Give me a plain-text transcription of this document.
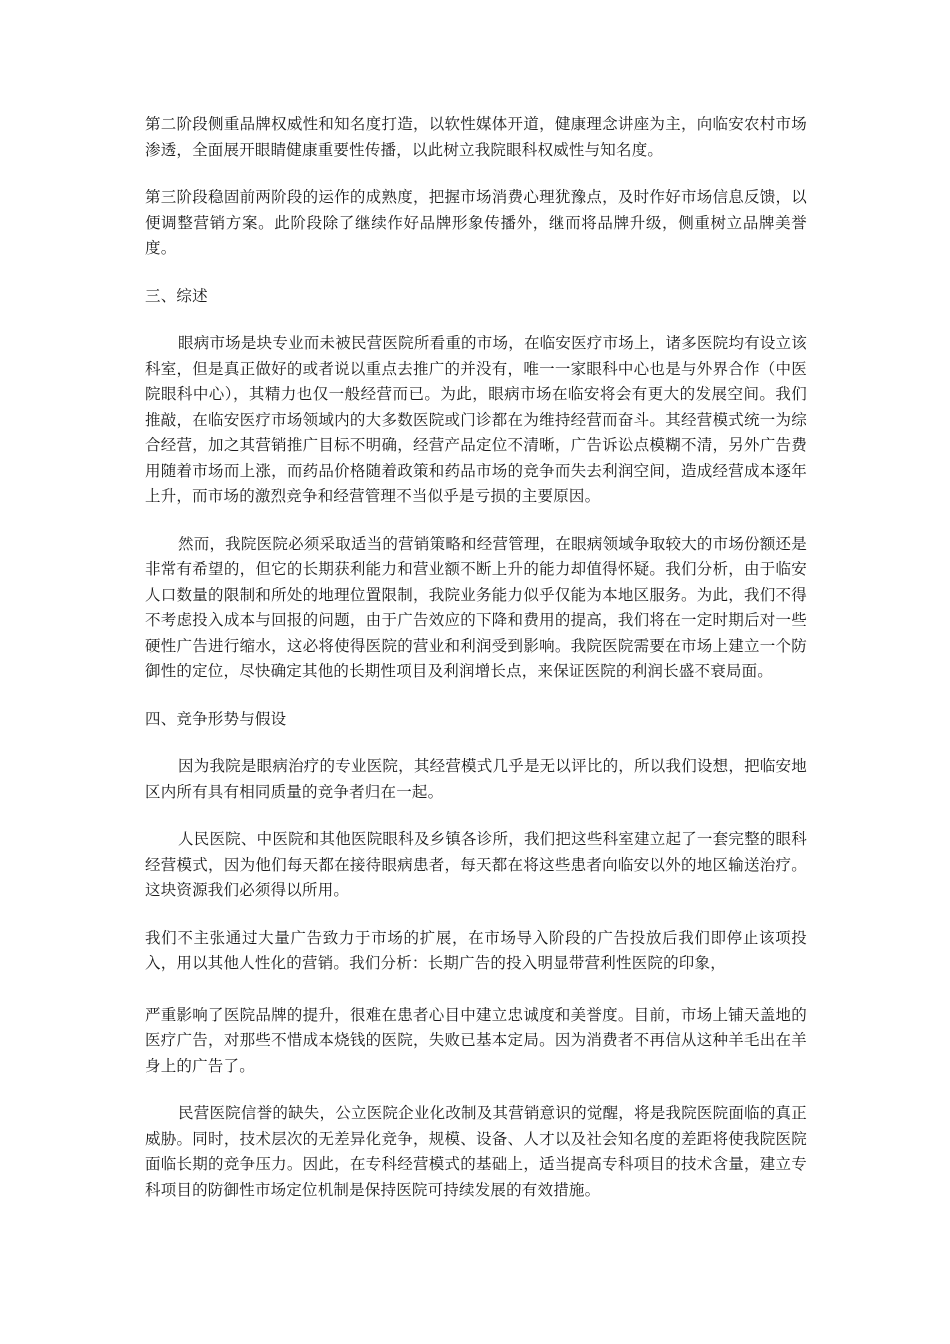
第二阶段侧重品牌权威性和知名度打造，以软性媒体开道，健康理念讲座为主，向临安农村市场渗透，全面展开眼睛健康重要性传播，以此树立我院眼科权威性与知名度。

第三阶段稳固前两阶段的运作的成熟度，把握市场消费心理犹豫点，及时作好市场信息反馈，以便调整营销方案。此阶段除了继续作好品牌形象传播外，继而将品牌升级，侧重树立品牌美誉度。

三、综述

眼病市场是块专业而未被民营医院所看重的市场，在临安医疗市场上，诸多医院均有设立该科室，但是真正做好的或者说以重点去推广的并没有，唯一一家眼科中心也是与外界合作（中医院眼科中心），其精力也仅一般经营而已。为此，眼病市场在临安将会有更大的发展空间。我们推敲，在临安医疗市场领域内的大多数医院或门诊都在为维持经营而奋斗。其经营模式统一为综合经营，加之其营销推广目标不明确，经营产品定位不清晰，广告诉讼点模糊不清，另外广告费用随着市场而上涨，而药品价格随着政策和药品市场的竞争而失去利润空间，造成经营成本逐年上升，而市场的激烈竞争和经营管理不当似乎是亏损的主要原因。

然而，我院医院必须采取适当的营销策略和经营管理，在眼病领域争取较大的市场份额还是非常有希望的，但它的长期获利能力和营业额不断上升的能力却值得怀疑。我们分析，由于临安人口数量的限制和所处的地理位置限制，我院业务能力似乎仅能为本地区服务。为此，我们不得不考虑投入成本与回报的问题，由于广告效应的下降和费用的提高，我们将在一定时期后对一些硬性广告进行缩水，这必将使得医院的营业和利润受到影响。我院医院需要在市场上建立一个防御性的定位，尽快确定其他的长期性项目及利润增长点，来保证医院的利润长盛不衰局面。

四、竞争形势与假设

因为我院是眼病治疗的专业医院，其经营模式几乎是无以评比的，所以我们设想，把临安地区内所有具有相同质量的竞争者归在一起。

人民医院、中医院和其他医院眼科及乡镇各诊所，我们把这些科室建立起了一套完整的眼科经营模式，因为他们每天都在接待眼病患者，每天都在将这些患者向临安以外的地区输送治疗。这块资源我们必须得以所用。

我们不主张通过大量广告致力于市场的扩展，在市场导入阶段的广告投放后我们即停止该项投入，用以其他人性化的营销。我们分析：长期广告的投入明显带营利性医院的印象，

严重影响了医院品牌的提升，很难在患者心目中建立忠诚度和美誉度。目前，市场上铺天盖地的医疗广告，对那些不惜成本烧钱的医院，失败已基本定局。因为消费者不再信从这种羊毛出在羊身上的广告了。

民营医院信誉的缺失，公立医院企业化改制及其营销意识的觉醒，将是我院医院面临的真正威胁。同时，技术层次的无差异化竞争，规模、设备、人才以及社会知名度的差距将使我院医院面临长期的竞争压力。因此，在专科经营模式的基础上，适当提高专科项目的技术含量，建立专科项目的防御性市场定位机制是保持医院可持续发展的有效措施。
